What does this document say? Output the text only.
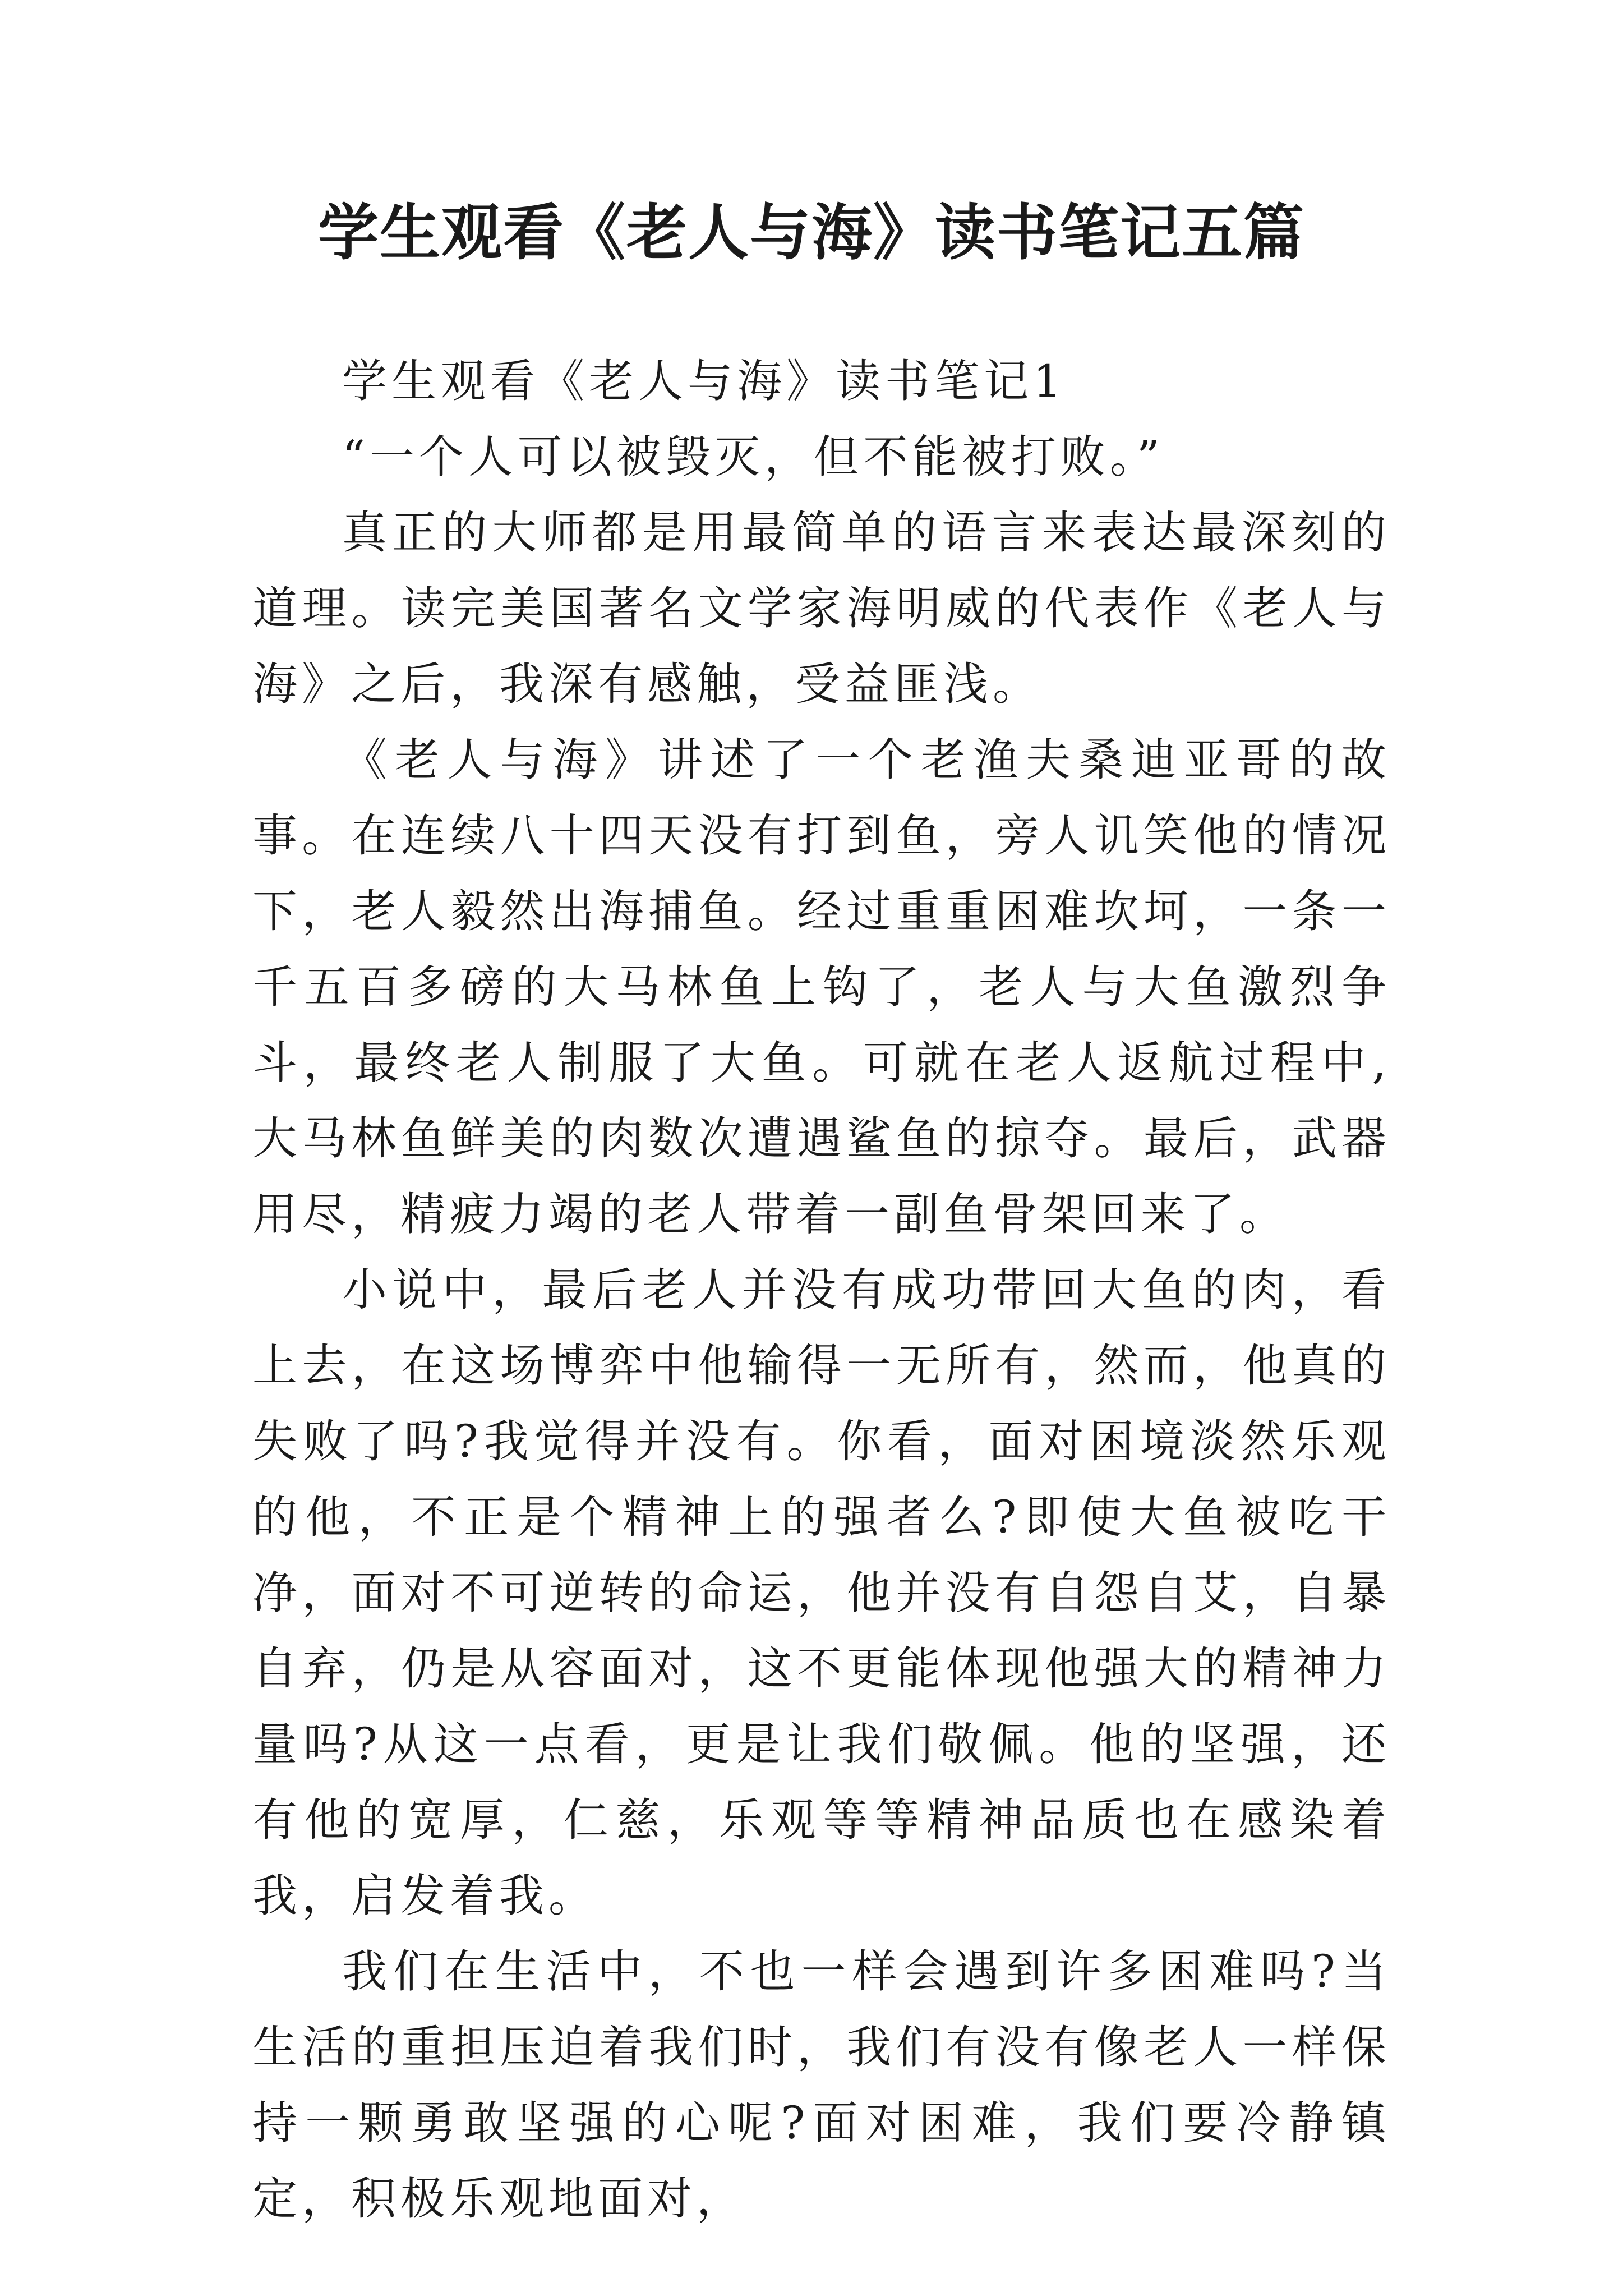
学生观看《老人与海》读书笔记五篇

学生观看《老人与海》读书笔记1

“一个人可以被毁灭，但不能被打败。”

真正的大师都是用最简单的语言来表达最深刻的道理。读完美国著名文学家海明威的代表作《老人与海》之后，我深有感触，受益匪浅。

《老人与海》讲述了一个老渔夫桑迪亚哥的故事。在连续八十四天没有打到鱼，旁人讥笑他的情况下，老人毅然出海捕鱼。经过重重困难坎坷，一条一千五百多磅的大马林鱼上钩了，老人与大鱼激烈争斗，最终老人制服了大鱼。可就在老人返航过程中,大马林鱼鲜美的肉数次遭遇鲨鱼的掠夺。最后，武器用尽，精疲力竭的老人带着一副鱼骨架回来了。

小说中，最后老人并没有成功带回大鱼的肉，看上去，在这场博弈中他输得一无所有，然而，他真的失败了吗?我觉得并没有。你看，面对困境淡然乐观的他，不正是个精神上的强者么?即使大鱼被吃干净，面对不可逆转的命运，他并没有自怨自艾，自暴自弃，仍是从容面对，这不更能体现他强大的精神力量吗?从这一点看，更是让我们敬佩。他的坚强，还有他的宽厚，仁慈，乐观等等精神品质也在感染着我，启发着我。

我们在生活中，不也一样会遇到许多困难吗?当生活的重担压迫着我们时，我们有没有像老人一样保持一颗勇敢坚强的心呢?面对困难，我们要冷静镇定，积极乐观地面对，
